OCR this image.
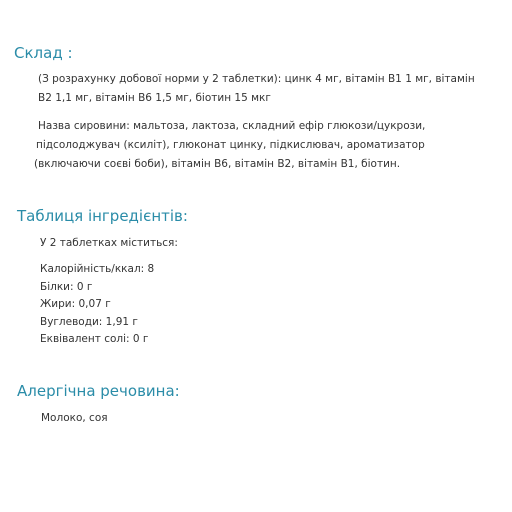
Склад :
(З розрахунку добової норми у 2 таблетки): цинк 4 мг, вітамін В1 1 мг, вітамін
В2 1,1 мг, вітамін В6 1,5 мг, біотин 15 мкг
Назва сировини: мальтоза, лактоза, складний ефір глюкози/цукрози,
підсолоджувач (ксиліт), глюконат цинку, підкислювач, ароматизатор
(включаючи соєві боби), вітамін В6, вітамін В2, вітамін В1, біотин.
Таблиця інгредієнтів:

У 2 таблетках міститься:

Калорійність/ккал: 8
Білки: 0 г
Жири: 0,07 г
Вуглеводи: 1,91 г
Еквівалент солі: 0 г
Алергічна речовина:

Молоко, соя
